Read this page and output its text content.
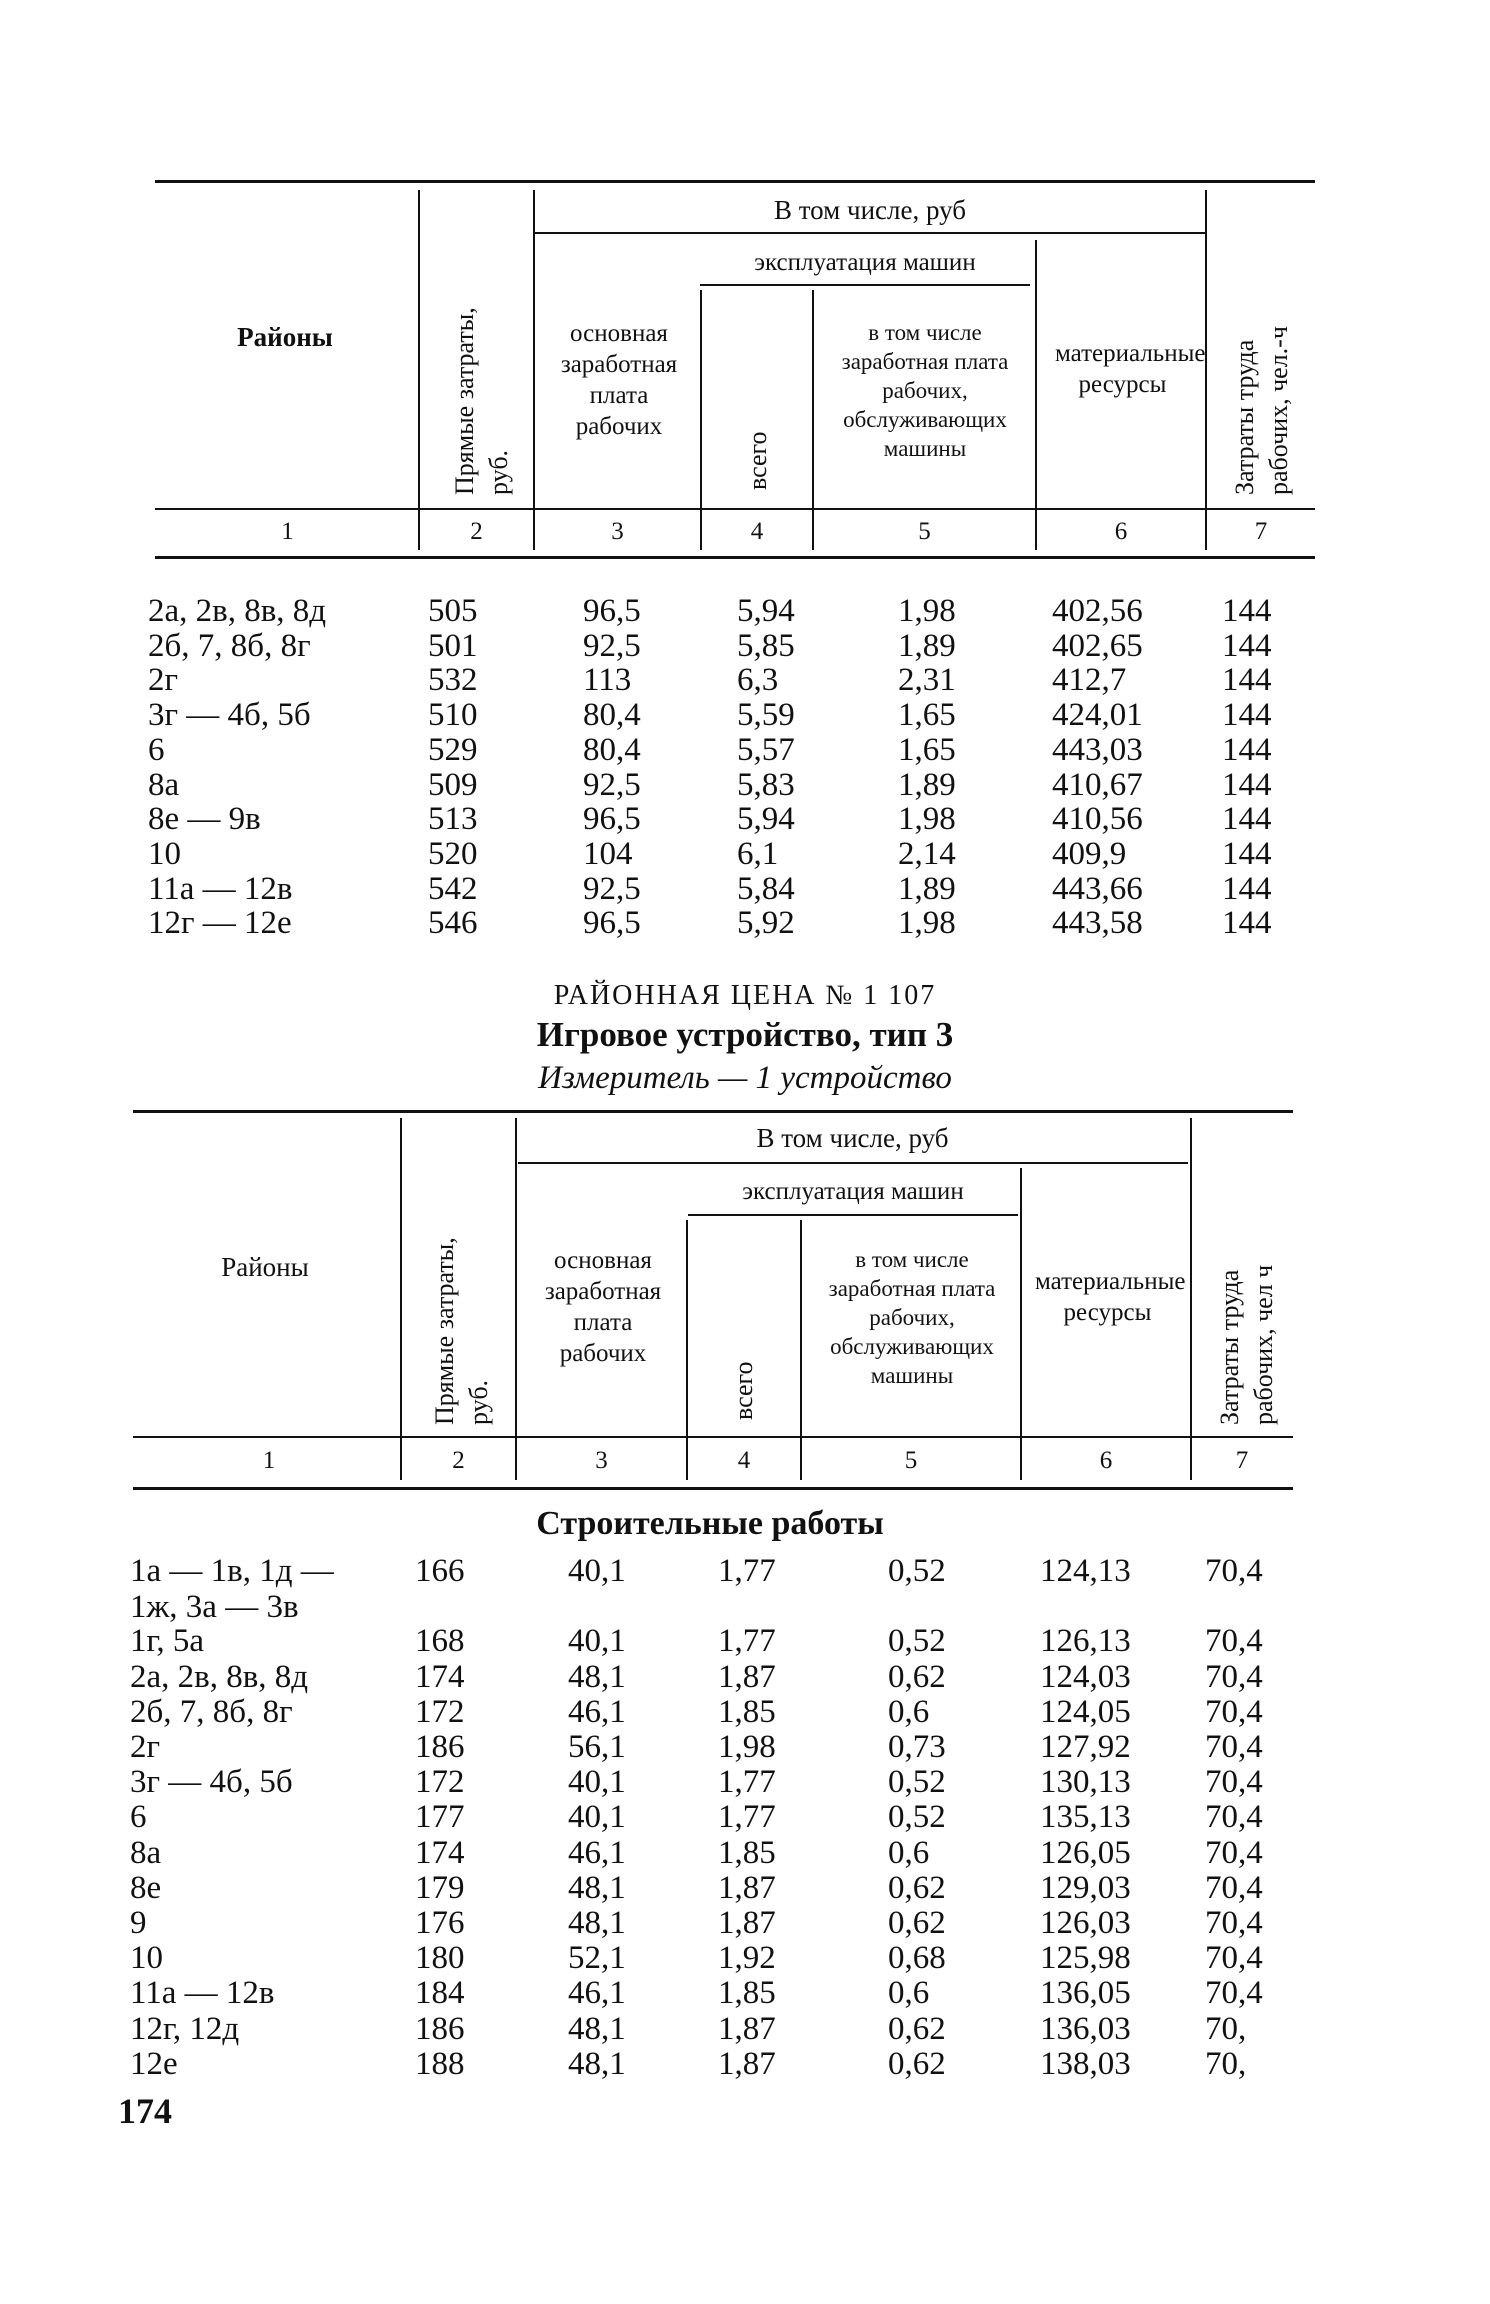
Районы	Прямые затраты, руб.
В том числе, руб
эксплуатация машин
основная заработная плата рабочих
всего
в том числе заработная плата рабочих, обслуживающих машины
материальные ресурсы	Затраты труда рабочих, чел.-ч
1	2	3	4	5	6	7
2а, 2в, 8в, 8д	505	96,5	5,94	1,98	402,56 144
2б, 7, 8б, 8г	501	92,5	5,85	1,89	402,65 144
2г	532	113	6,3	2,31	412,7	144
3г — 4б, 5б	510	80,4	5,59	1,65	424,01 144
6	529	80,4	5,57	1,65	443,03 144
8а	509	92,5	5,83	1,89	410,67 144
8е — 9в	513	96,5	5,94	1,98	410,56 144
10	520	104	6,1	2,14	409,9	144
11а — 12в	542	92,5	5,84	1,89	443,66 144
12г — 12е	546	96,5	5,92	1,98	443,58 144
РАЙОННАЯ ЦЕНА № 1 107
Игровое устройство, тип 3
Измеритель — 1 устройство
Районы	Прямые затраты, руб.
В том числе, руб
эксплуатация машин
основная заработная плата рабочих
всего
в том числе заработная плата рабочих, обслуживающих машины
материальные ресурсы	Затраты труда рабочих, чел ч
1	2	3	4	5	6	7
Строительные работы
1а — 1в, 1д —
1ж, 3а — 3в
166	40,1	1,77	0,52	124,13 70,4
1г, 5а	168	40,1	1,77	0,52	126,13 70,4
2а, 2в, 8в, 8д	174	48,1	1,87	0,62	124,03 70,4
2б, 7, 8б, 8г	172	46,1	1,85	0,6	124,05 70,4
2г	186	56,1	1,98	0,73	127,92 70,4
3г — 4б, 5б	172	40,1	1,77	0,52	130,13 70,4
6	177	40,1	1,77	0,52	135,13 70,4
8а	174	46,1	1,85	0,6	126,05 70,4
8е	179	48,1	1,87	0,62	129,03 70,4
9	176	48,1	1,87	0,62	126,03 70,4
10	180	52,1	1,92	0,68	125,98 70,4
11а — 12в	184	46,1	1,85	0,6	136,05 70,4
12г, 12д	186	48,1	1,87	0,62	136,03 70,
12е	188	48,1	1,87	0,62	138,03 70,
174
